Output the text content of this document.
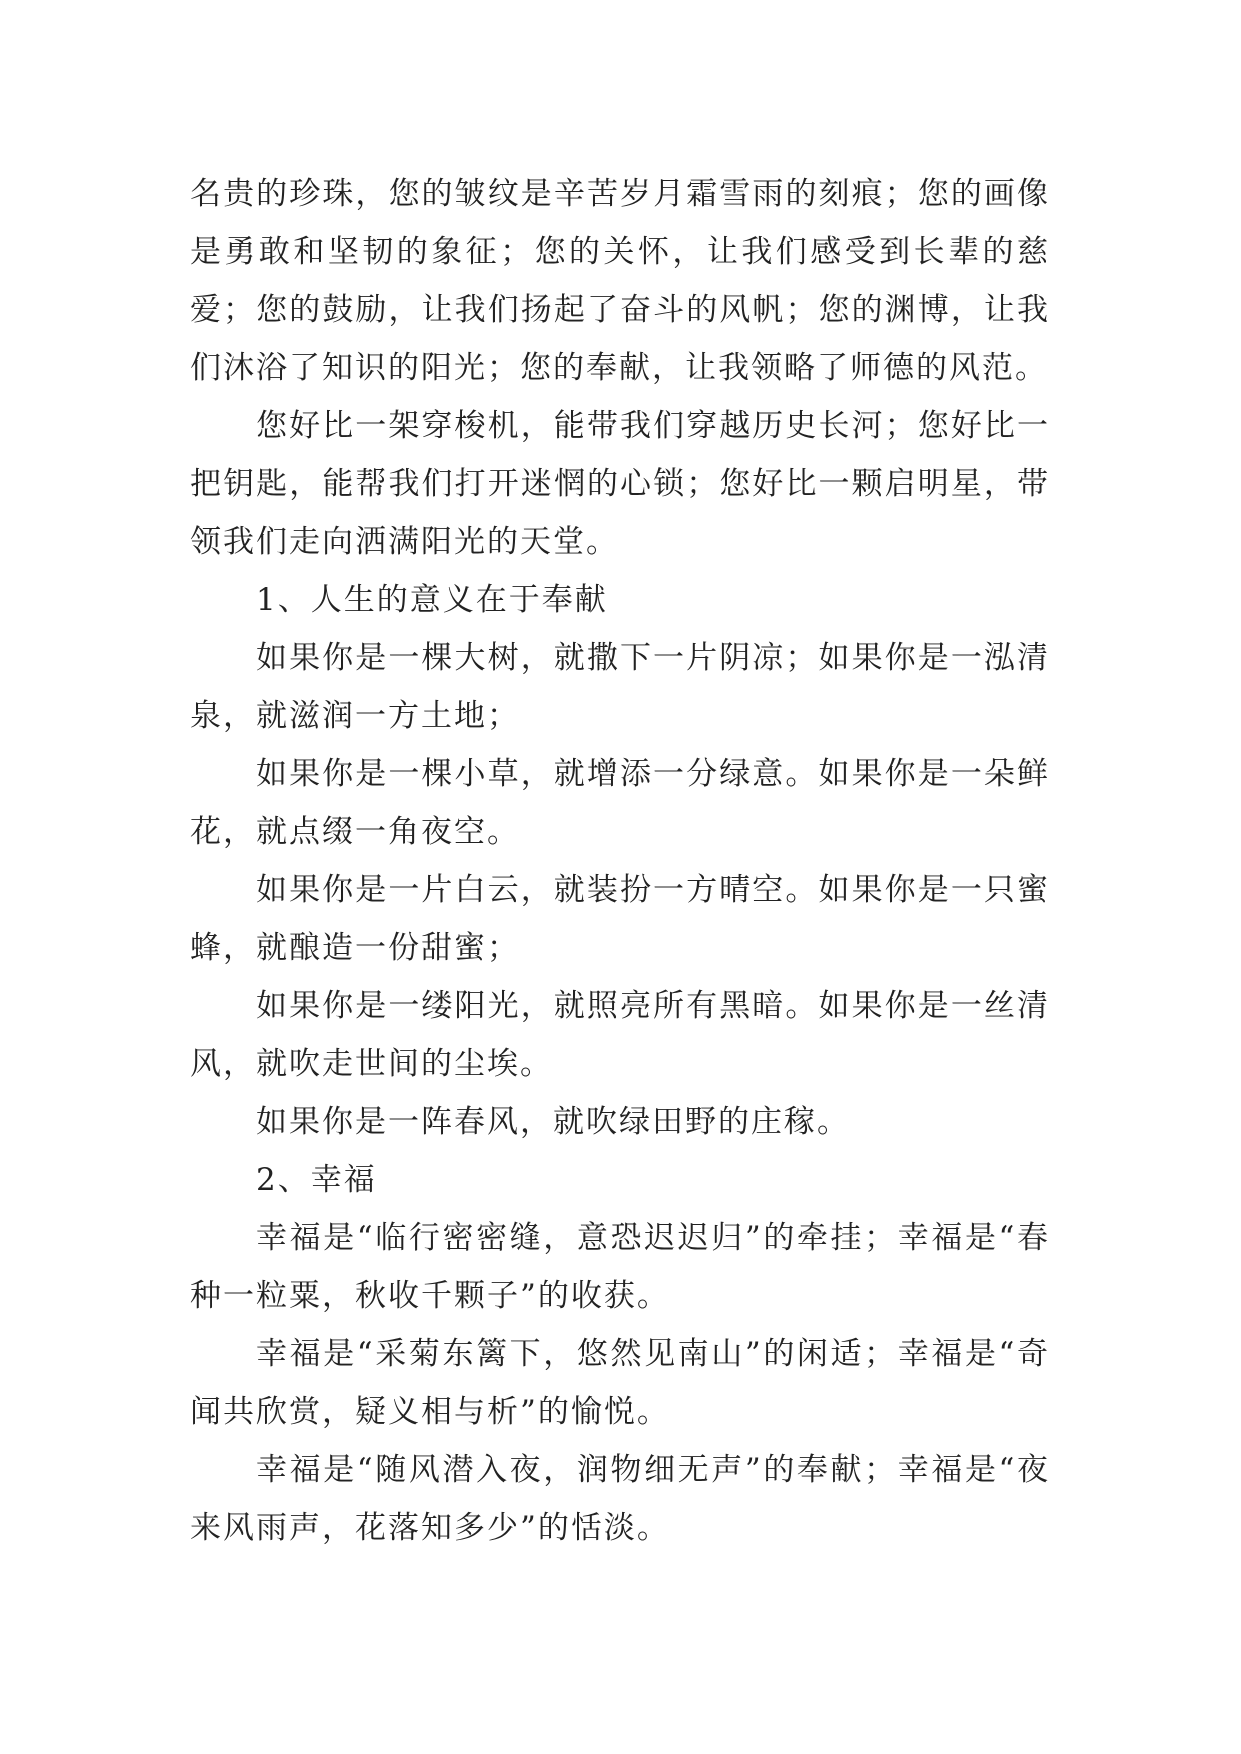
名贵的珍珠，您的皱纹是辛苦岁月霜雪雨的刻痕；您的画像是勇敢和坚韧的象征；您的关怀，让我们感受到长辈的慈爱；您的鼓励，让我们扬起了奋斗的风帆；您的渊博，让我们沐浴了知识的阳光；您的奉献，让我领略了师德的风范。

您好比一架穿梭机，能带我们穿越历史长河；您好比一把钥匙，能帮我们打开迷惘的心锁；您好比一颗启明星，带领我们走向洒满阳光的天堂。

1、人生的意义在于奉献

如果你是一棵大树，就撒下一片阴凉；如果你是一泓清泉，就滋润一方土地；

如果你是一棵小草，就增添一分绿意。如果你是一朵鲜花，就点缀一角夜空。

如果你是一片白云，就装扮一方晴空。如果你是一只蜜蜂，就酿造一份甜蜜；

如果你是一缕阳光，就照亮所有黑暗。如果你是一丝清风，就吹走世间的尘埃。

如果你是一阵春风，就吹绿田野的庄稼。

2、幸福

幸福是“临行密密缝，意恐迟迟归”的牵挂；幸福是“春种一粒粟，秋收千颗子”的收获。

幸福是“采菊东篱下，悠然见南山”的闲适；幸福是“奇闻共欣赏，疑义相与析”的愉悦。

幸福是“随风潜入夜，润物细无声”的奉献；幸福是“夜来风雨声，花落知多少”的恬淡。
